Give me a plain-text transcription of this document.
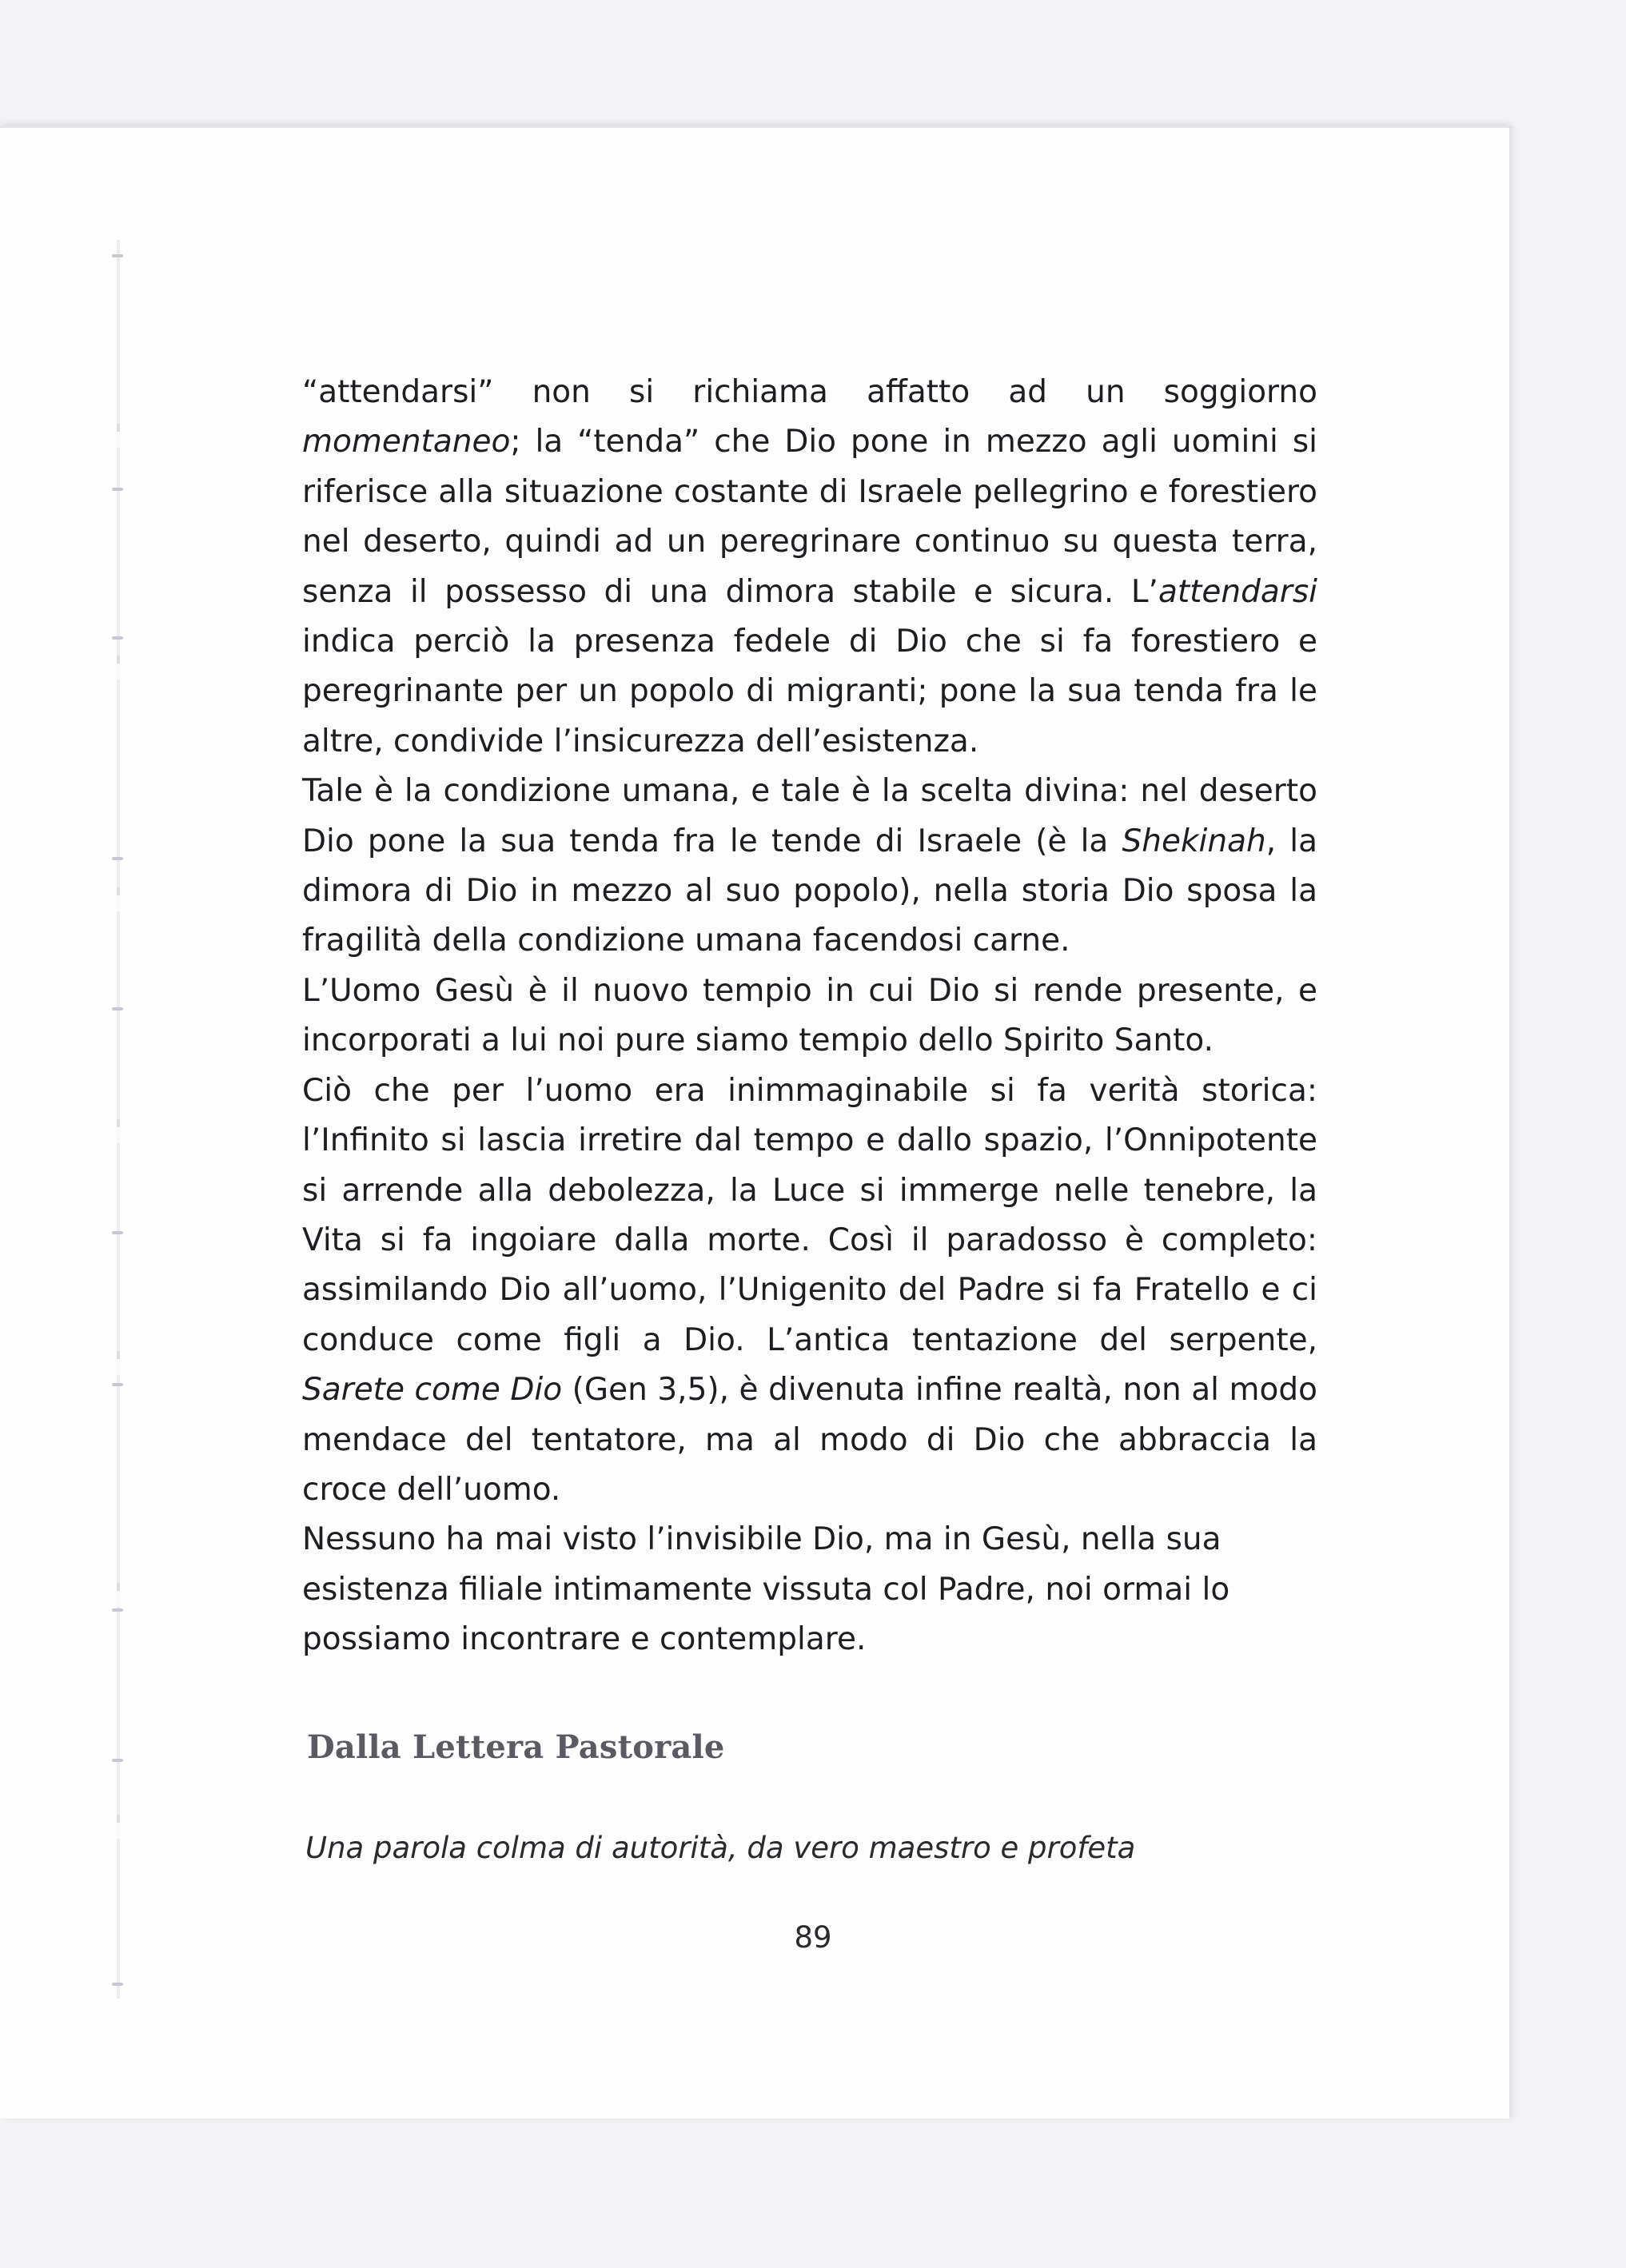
“attendarsi” non si richiama affatto ad un soggiorno momentaneo; la “tenda” che Dio pone in mezzo agli uomini si riferisce alla situazione costante di Israele pellegrino e forestiero nel deserto, quindi ad un peregrinare continuo su questa terra, senza il possesso di una dimora stabile e sicura. L’attendarsi indica perciò la presenza fedele di Dio che si fa forestiero e peregrinante per un popolo di migranti; pone la sua tenda fra le altre, condivide l’insicurezza dell’esistenza.

Tale è la condizione umana, e tale è la scelta divina: nel deserto Dio pone la sua tenda fra le tende di Israele (è la Shekinah, la dimora di Dio in mezzo al suo popolo), nella storia Dio sposa la fragilità della condizione umana facendosi carne.

L’Uomo Gesù è il nuovo tempio in cui Dio si rende presente, e incorporati a lui noi pure siamo tempio dello Spirito Santo.

Ciò che per l’uomo era inimmaginabile si fa verità storica: l’Infinito si lascia irretire dal tempo e dallo spazio, l’Onnipotente si arrende alla debolezza, la Luce si immerge nelle tenebre, la Vita si fa ingoiare dalla morte. Così il paradosso è completo: assimilando Dio all’uomo, l’Unigenito del Padre si fa Fratello e ci conduce come figli a Dio. L’antica tentazione del serpente, Sarete come Dio (Gen 3,5), è divenuta infine realtà, non al modo mendace del tentatore, ma al modo di Dio che abbraccia la croce dell’uomo.

Nessuno ha mai visto l’invisibile Dio, ma in Gesù, nella sua esistenza filiale intimamente vissuta col Padre, noi ormai lo possiamo incontrare e contemplare.

Dalla Lettera Pastorale

Una parola colma di autorità, da vero maestro e profeta

89
